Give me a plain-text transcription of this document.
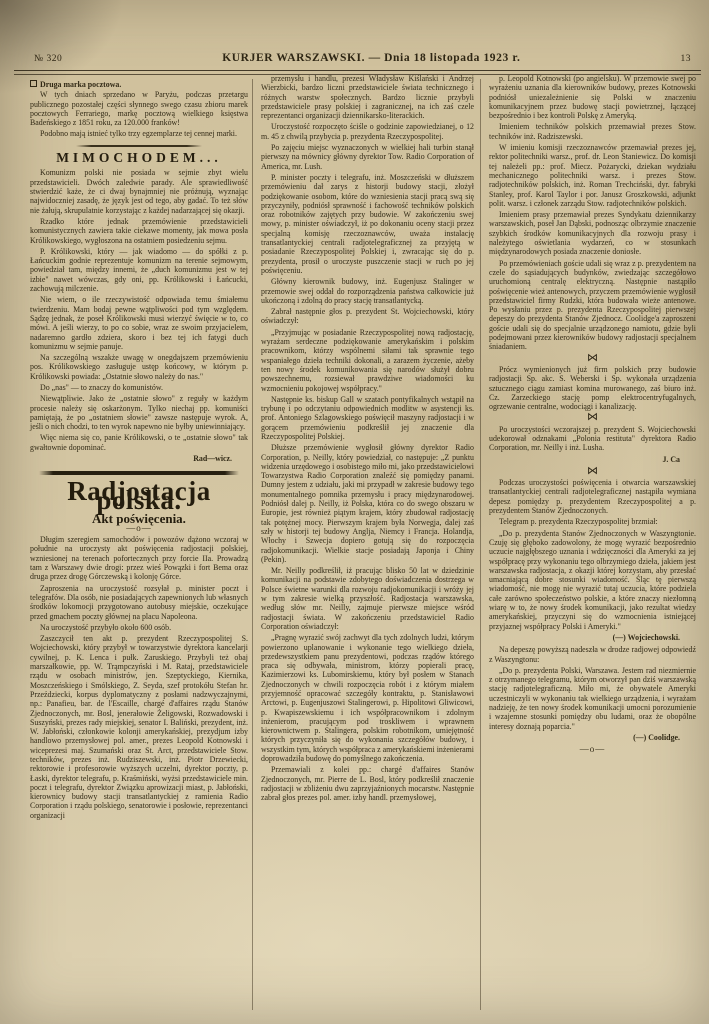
№ 320	KURJER WARSZAWSKI. — Dnia 18 listopada 1923 r.	13

Druga marka pocztowa.

W tych dniach sprzedano w Paryżu, podczas przetargu publicznego pozostałej części słynnego swego czasu zbioru marek pocztowych Ferrariego, markę pocztową wielkiego księstwa Badeńskiego z 1851 roku, za 120.000 franków!

Podobno mają istnieć tylko trzy egzemplarze tej cennej marki.

MIMOCHODEM...

Komunizm polski nie posiada w sejmie zbyt wielu przedstawicieli. Dwóch zaledwie parady. Ale sprawiedliwość stwierdzić każe, że ci dwaj bynajmniej nie próżnują, wyznając najwidoczniej zasadę, że język jest od tego, aby gadać. To też słów nie żałują, skrupulatnie korzystając z każdej nadarzającej się okazji.

Rzadko które jednak przemówienie przedstawicieli komunistycznych zawiera takie ciekawe momenty, jak mowa posła Królikowskiego, wygłoszona na ostatniem posiedzeniu sejmu.

P. Królikowski, który — jak wiadomo — do spółki z p. Łańcuckim godnie reprezentuje komunizm na terenie sejmowym, powiedział tam, między innemi, że „duch komunizmu jest w tej izbie" nawet wówczas, gdy oni, pp. Królikowski i Łańcucki, zachowują milczenie.

Nie wiem, o ile rzeczywistość odpowiada temu śmiałemu twierdzeniu. Mam bodaj pewne wątpliwości pod tym względem. Sądzę jednak, że poseł Królikowski musi wierzyć święcie w to, co mówi. A jeśli wierzy, to po co sobie, wraz ze swoim przyjacielem, nadaremno gardło zdziera, skoro i bez tej ich fatygi duch komunizmu w sejmie panuje.

Na szczególną wszakże uwagę w onegdajszem przemówieniu pos. Królikowskiego zasługuje ustęp końcowy, w którym p. Królikowski powiada: „Ostatnie słowo należy do nas."

Do „nas" — to znaczy do komunistów.

Niewątpliwie. Jako że „ostatnie słowo" z reguły w każdym procesie należy się oskarżonym. Tylko niechaj pp. komuniści pamiętają, że po „ostatniem słowie" zawsze następuje wyrok. A, jeśli o nich chodzi, to ten wyrok napewno nie byłby uniewinniający.

Więc niema się co, panie Królikowski, o te „ostatnie słowo" tak gwałtownie dopominać.

Rad—wicz.

Radjostacja polska.
Akt poświęcenia.

—o—

Długim szeregiem samochodów i powozów dążono wczoraj w południe na uroczysty akt poświęcenia radjostacji polskiej, wzniesionej na terenach pofortecznych przy forcie IIa. Prowadzą tam z Warszawy dwie drogi: przez wieś Powązki i fort Bema oraz druga przez drogę Górczewską i kolonję Górce.

Zaproszenia na uroczystość rozsyłał p. minister poczt i telegrafów. Dla osób, nie posiadających zapewnionych lub własnych środków lokomocji przygotowano autobusy miejskie, oczekujące przed gmachem poczty głównej na placu Napoleona.

Na uroczystość przybyło około 600 osób.

Zaszczycił ten akt p. prezydent Rzeczypospolitej S. Wojciechowski, który przybył w towarzystwie dyrektora kancelarji cywilnej, p. K. Lenca i pułk. Zaruskiego. Przybyli też obaj marszałkowie, pp. W. Trąmpczyński i M. Rataj, przedstawiciele rządu w osobach ministrów, jen. Szeptyckiego, Kiernika, Moszczeńskiego i Smólskiego, Z. Seyda, szef protokółu Stefan hr. Przeździecki, korpus dyplomatyczny z posłami nadzwyczajnymi, np.: Panafieu, bar. de l'Escaille, chargé d'affaires rządu Stanów Zjednoczonych, mr. Bosl, jenerałowie Żeligowski, Rozwadowski i Suszyński, prezes rady miejskiej, senator I. Baliński, prezydent, inż. W. Jabłoński, członkowie kolonji amerykańskiej, prezydjum izby handlowo przemysłowej pol. amer., prezes Leopold Kotnowski i wiceprezesi maj. Szumański oraz St. Arct, przedstawiciele Stow. techników, prezes inż. Rudziszewski, inż. Piotr Drzewiecki, rektorowie i profesorowie wyższych uczelni, dyrektor poczty, p. Łaski, dyrektor telegrafu, p. Kraśmiński, wyżsi przedstawiciele min. poczt i telegrafu, dyrektor Związku aprowizacji miast, p. Jabłoński, kierownicy budowy stacji transatlantyckiej z ramienia Radio Corporation i rządu polskiego, senatorowie i posłowie, reprezentanci organizacji

przemysłu i handlu, prezesi Władysław Kiślański i Andrzej Wierzbicki, bardzo liczni przedstawiciele świata technicznego i różnych warstw społecznych. Bardzo licznie przybyli przedstawiciele prasy polskiej i zagranicznej, na ich zaś czele reprezentanci organizacji dziennikarsko-literackich.

Uroczystość rozpoczęto ściśle o godzinie zapowiedzianej, o 12 m. 45 z chwilą przybycia p. prezydenta Rzeczypospolitej.

Po zajęciu miejsc wyznaczonych w wielkiej hali turbin stanął pierwszy na mównicy główny dyrektor Tow. Radio Corporation of America, mr. Lush.

P. minister poczty i telegrafu, inż. Moszczeński w dłuższem przemówieniu dał zarys z historji budowy stacji, złożył podziękowanie osobom, które do wzniesienia stacji pracą swą się przyczyniły, podniósł sprawność i fachowość techników polskich oraz robotników zajętych przy budowie. W zakończeniu swej mowy, p. minister oświadczył, iż po dokonaniu oceny stacji przez specjalną komisję rzeczoznawców, uważa instalację transatlantyckiej centrali radjotelegraficznej za przyjętą w posiadanie Rzeczypospolitej Polskiej i, zwracając się do p. prezydenta, prosił o uroczyste puszczenie stacji w ruch po jej poświęceniu.

Główny kierownik budowy, inż. Eugenjusz Stalinger w przemowie swej oddał do rozporządzenia państwa całkowicie już ukończoną i zdolną do pracy stację transatlantycką.

Zabrał następnie głos p. prezydent St. Wojciechowski, który oświadczył:

„Przyjmując w posiadanie Rzeczypospolitej nową radjostację, wyrażam serdeczne podziękowanie amerykańskim i polskim pracownikom, którzy wspólnemi siłami tak sprawnie tego wspaniałego dzieła techniki dokonali, a zarazem życzenie, ażeby ten nowy środek komunikowania się narodów służył dobru powszechnemu, rozsiewał prawdziwe wiadomości ku wzmocnieniu pokojowej współpracy."

Następnie ks. biskup Gall w szatach pontyfikalnych wstąpił na trybunę i po odczytaniu odpowiednich modlitw w asystencji ks. prof. Antoniego Szlagowskiego poświęcił maszyny radjostacji i w gorącem przemówieniu podkreślił jej znaczenie dla Rzeczypospolitej Polskiej.

Dłuższe przemówienie wygłosił główny dyrektor Radio Corporation, p. Neilly, który powiedział, co następuje: „Z punktu widzenia urzędowego i osobistego miło mi, jako przedstawicielowi Towarzystwa Radio Corporation znaleźć się pomiędzy panami. Dumny jestem z udziału, jaki mi przypadł w zakresie budowy tego monumentalnego pomnika przemysłu i pracy międzynarodowej. Podniósł dalej p. Neilly, iż Polska, która co do swego obszaru w Europie, jest również piątym krajem, który zbudował radjostację tak potężnej mocy. Pierwszym krajem była Norwegja, dalej zaś szły w historji tej budowy Anglja, Niemcy i Francja. Holandja, Włochy i Szwecja dopiero gotują się do rozpoczęcia radjokomunikacji. Wielkie stacje posiadają Japonja i Chiny (Pekin).

Mr. Neilly podkreślił, iż pracując blisko 50 lat w dziedzinie komunikacji na podstawie zdobytego doświadczenia dostrzega w Polsce świetne warunki dla rozwoju radjokomunikacji i wróży jej w tym zakresie wielką przyszłość. Radjostacja warszawska, według słów mr. Neilly, zajmuje pierwsze miejsce wśród radjostacji świata. W zakończeniu przedstawiciel Radio Corporation oświadczył:

„Pragnę wyrazić swój zachwyt dla tych zdolnych ludzi, którym powierzono uplanowanie i wykonanie tego wielkiego dzieła, przedewszystkiem panu prezydentowi, podczas rządów którego praca się odbywała, ministrom, którzy popierali pracę, Kazimierzowi ks. Lubomirskiemu, który był posłem w Stanach Zjednoczonych w chwili rozpoczęcia robót i z którym miałem przyjemność opracować szczegóły kontraktu, p. Stanisławowi Arctowi, p. Eugenjuszowi Stalingerowi, p. Hipolitowi Gliwicowi, p. Kwapiszewskiemu i ich współpracownikom i zdolnym inżenierom, pracującym pod troskliwem i wprawnem kierownictwem p. Stalingera, polskim robotnikom, umiejętność których przyczyniła się do wykonania szczegółów budowy, i wszystkim tym, których współpraca z amerykańskiemi inżenierami doprowadziła budowę do pomyślnego zakończenia.

Przemawiali z kolei pp.: chargé d'affaires Stanów Zjednoczonych, mr. Pierre de L. Bosl, który podkreślił znaczenie radjostacji w zbliżeniu dwu zaprzyjaźnionych mocarstw. Następnie zabrał głos prezes pol. amer. izby handl. przemysłowej,

p. Leopold Kotnowski (po angielsku). W przemowie swej po wyrażeniu uznania dla kierowników budowy, prezes Kotnowski podniósł uniezależnienie się Polski w znaczeniu komunikacyjnem przez budowę stacji powietrznej, łączącej bezpośrednio i bez kontroli Polskę z Ameryką.

Imieniem techników polskich przemawiał prezes Stow. techników inż. Radziszewski.

W imieniu komisji rzeczoznawców przemawiał prezes jej, rektor politechniki warsz., prof. dr. Leon Staniewicz. Do komisji tej należeli pp.: prof. Miecz. Pożarycki, dziekan wydziału mechanicznego politechniki warsz. i prezes Stow. radjotechników polskich, inż. Roman Trechciński, dyr. fabryki Stanley, prof. Karol Taylor i por. Janusz Groszkowski, adjunkt polit. warsz. i członek zarządu Stow. radjotechników polskich.

Imieniem prasy przemawiał prezes Syndykatu dziennikarzy warszawskich, poseł Jan Dąbski, podnosząc olbrzymie znaczenie szybkich środków komunikacyjnych dla rozwoju prasy i należytego oświetlania wydarzeń, co w stosunkach międzynarodowych posiada znaczenie doniosłe.

Po przemówieniach goście udali się wraz z p. prezydentem na czele do sąsiadujących budynków, zwiedzając szczegółowo uruchomioną centralę elektryczną. Następnie nastąpiło poświęcenie wież antenowych, przyczem przemówienie wygłosił przedstawiciel firmy Rudzki, która budowała wieże antenowe. Po wysłaniu przez p. prezydenta Rzeczypospolitej pierwszej depeszy do prezydenta Stanów Zjednocz. Coolidge'a zaproszeni goście udali się do specjalnie urządzonego namiotu, gdzie byli podejmowani przez kierowników budowy radjostacji specjalnem śniadaniem.

⋈

Prócz wymienionych już firm polskich przy budowie radjostacji Sp. akc. S. Weberski i Sp. wykonała urządzenia sztucznego ciągu zamiast komina murowanego, zaś biuro inż. Cz. Zarzeckiego stację pomp elektrocentryfugalnych, ogrzewanie centralne, wodociągi i kanalizację.

⋈

Po uroczystości wczorajszej p. prezydent S. Wojciechowski udekorował odznakami „Polonia restituta" dyrektora Radio Corporation, mr. Neilly i inż. Lusha.

J. Ca

⋈

Podczas uroczystości poświęcenia i otwarcia warszawskiej transatlantyckiej centrali radjotelegraficznej nastąpiła wymiana depesz pomiędzy p. prezydentem Rzeczypospolitej a p. prezydentem Stanów Zjednoczonych.

Telegram p. prezydenta Rzeczypospolitej brzmiał:

„Do p. prezydenta Stanów Zjednoczonych w Waszyngtonie. Czuję się głęboko zadowolony, że mogę wyrazić bezpośrednio uczucie najgłębszego uznania i wdzięczności dla Ameryki za jej współpracę przy wykonaniu tego olbrzymiego dzieła, jakiem jest warszawska radjostacja, z okazji której korzystam, aby przesłać umacniającą dobre stosunki wiadomość. Śląc tę pierwszą wiadomość, nie mogę nie wyrazić tutaj uczucia, które podziela całe zarówno społeczeństwo polskie, a które znaczy niezłomną wiarę w to, że nowy środek komunikacji, jako rezultat wiedzy amerykańskiej, przyczyni się do wzmocnienia istniejącej przyjaznej współpracy Polski i Ameryki."

(—) Wojciechowski.

Na depeszę powyższą nadeszła w drodze radjowej odpowiedź z Waszyngtonu:

„Do p. prezydenta Polski, Warszawa. Jestem rad niezmiernie z otrzymanego telegramu, którym otworzył pan dziś warszawską stację radjotelegraficzną. Miło mi, że obywatele Ameryki uczestniczyli w wykonaniu tak wielkiego urządzenia, i wyrażam nadzieję, że ten nowy środek komunikacji umocni porozumienie i wzajemne stosunki pomiędzy obu ludami, oraz że obopólne interesy doznają poparcia."

(—) Coolidge.

—o—
